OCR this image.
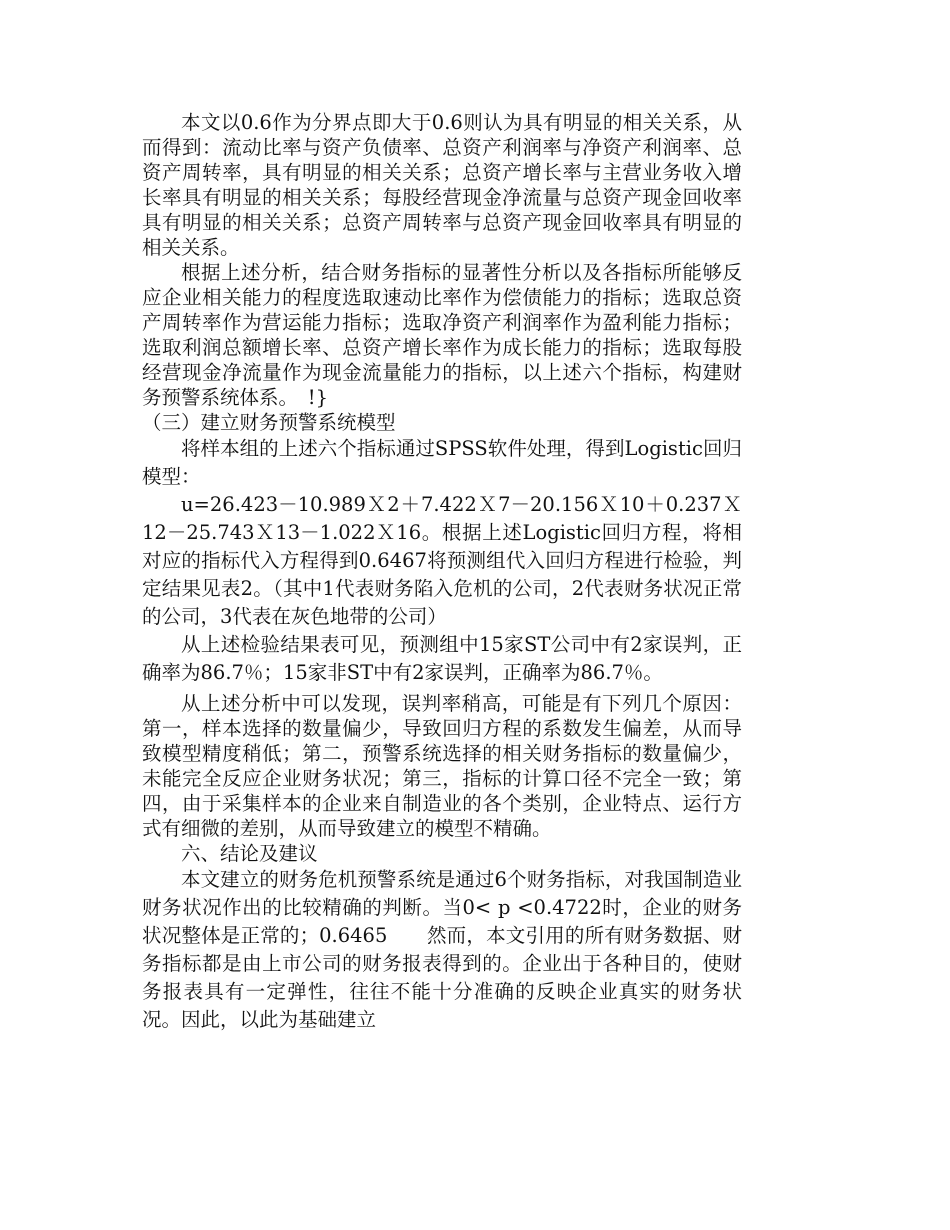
本文以0.6作为分界点即大于0.6则认为具有明显的相关关系，从而得到：流动比率与资产负债率、总资产利润率与净资产利润率、总资产周转率，具有明显的相关关系；总资产增长率与主营业务收入增长率具有明显的相关关系；每股经营现金净流量与总资产现金回收率具有明显的相关关系；总资产周转率与总资产现金回收率具有明显的相关关系。

根据上述分析，结合财务指标的显著性分析以及各指标所能够反应企业相关能力的程度选取速动比率作为偿债能力的指标；选取总资产周转率作为营运能力指标；选取净资产利润率作为盈利能力指标；选取利润总额增长率、总资产增长率作为成长能力的指标；选取每股经营现金净流量作为现金流量能力的指标，以上述六个指标，构建财务预警系统体系。　!}

（三）建立财务预警系统模型

将样本组的上述六个指标通过SPSS软件处理，得到Logistic回归模型：

u=26.423－10.989Ｘ2＋7.422Ｘ7－20.156Ｘ10＋0.237Ｘ12－25.743Ｘ13－1.022Ｘ16。根据上述Logistic回归方程，将相对应的指标代入方程得到0.6467将预测组代入回归方程进行检验，判定结果见表2。（其中1代表财务陷入危机的公司，2代表财务状况正常的公司，3代表在灰色地带的公司）

从上述检验结果表可见，预测组中15家ST公司中有2家误判，正确率为86.7％；15家非ST中有2家误判，正确率为86.7％。

从上述分析中可以发现，误判率稍高，可能是有下列几个原因：第一，样本选择的数量偏少，导致回归方程的系数发生偏差，从而导致模型精度稍低；第二，预警系统选择的相关财务指标的数量偏少，未能完全反应企业财务状况；第三，指标的计算口径不完全一致；第四，由于采集样本的企业来自制造业的各个类别，企业特点、运行方式有细微的差别，从而导致建立的模型不精确。

六、结论及建议

本文建立的财务危机预警系统是通过6个财务指标，对我国制造业财务状况作出的比较精确的判断。当0< p <0.4722时，企业的财务状况整体是正常的；0.6465　　然而，本文引用的所有财务数据、财务指标都是由上市公司的财务报表得到的。企业出于各种目的，使财务报表具有一定弹性，往往不能十分准确的反映企业真实的财务状况。因此，以此为基础建立
